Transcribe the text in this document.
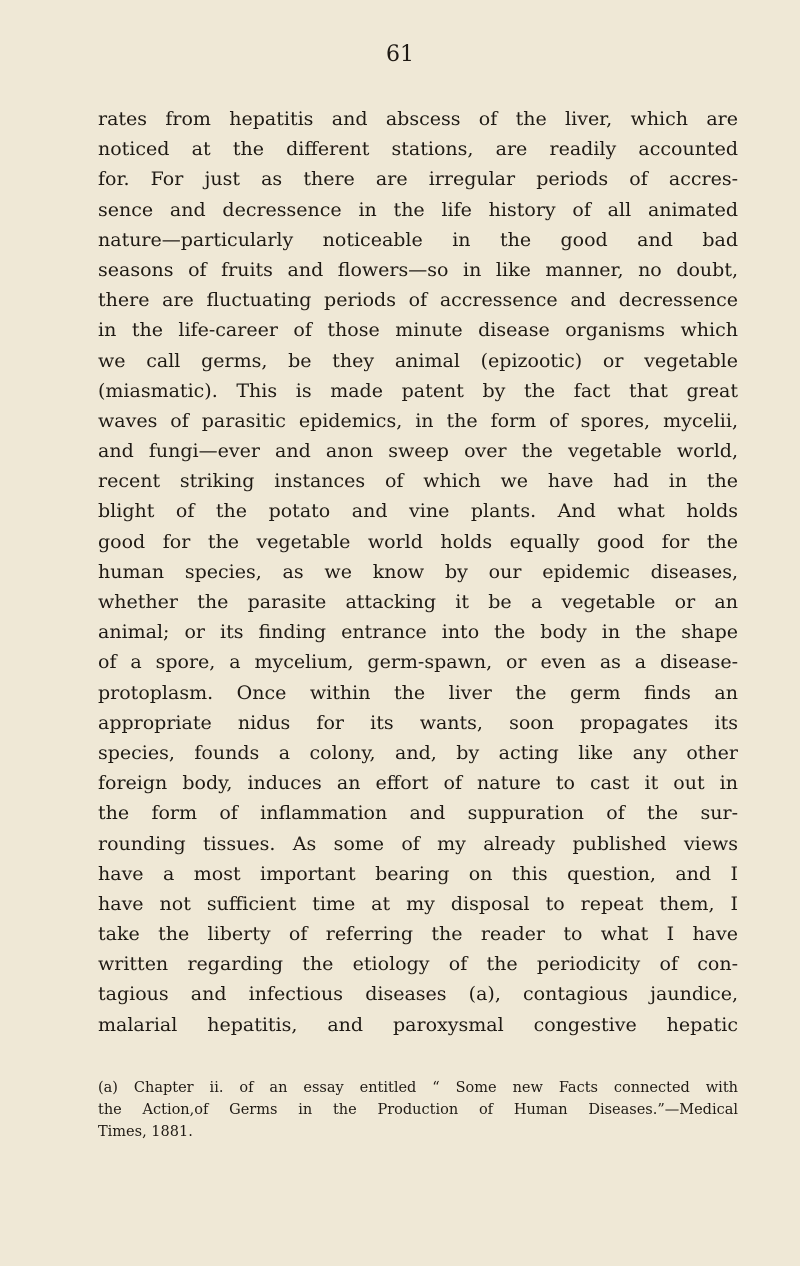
61
rates from hepatitis and abscess of the liver, which are
noticed at the different stations, are readily accounted
for. For just as there are irregular periods of accres-
sence and decressence in the life history of all animated
nature—particularly noticeable in the good and bad
seasons of fruits and flowers—so in like manner, no doubt,
there are fluctuating periods of accressence and decressence
in the life-career of those minute disease organisms which
we call germs, be they animal (epizootic) or vegetable
(miasmatic). This is made patent by the fact that great
waves of parasitic epidemics, in the form of spores, mycelii,
and fungi—ever and anon sweep over the vegetable world,
recent striking instances of which we have had in the
blight of the potato and vine plants. And what holds
good for the vegetable world holds equally good for the
human species, as we know by our epidemic diseases,
whether the parasite attacking it be a vegetable or an
animal; or its finding entrance into the body in the shape
of a spore, a mycelium, germ-spawn, or even as a disease-
protoplasm. Once within the liver the germ finds an
appropriate nidus for its wants, soon propagates its
species, founds a colony, and, by acting like any other
foreign body, induces an effort of nature to cast it out in
the form of inflammation and suppuration of the sur-
rounding tissues. As some of my already published views
have a most important bearing on this question, and I
have not sufficient time at my disposal to repeat them, I
take the liberty of referring the reader to what I have
written regarding the etiology of the periodicity of con-
tagious and infectious diseases (a), contagious jaundice,
malarial hepatitis, and paroxysmal congestive hepatic
(a) Chapter ii. of an essay entitled “ Some new Facts connected with
the Action,of Germs in the Production of Human Diseases.”—Medical
Times, 1881.
